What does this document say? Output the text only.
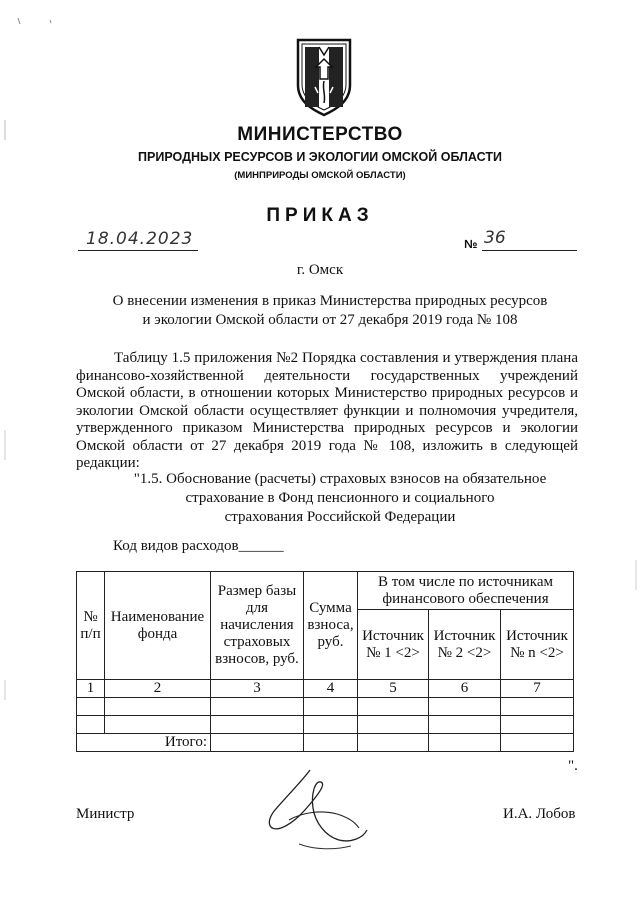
МИНИСТЕРСТВО
ПРИРОДНЫХ РЕСУРСОВ И ЭКОЛОГИИ ОМСКОЙ ОБЛАСТИ
(МИНПРИРОДЫ ОМСКОЙ ОБЛАСТИ)
ПРИКАЗ
18.04.2023	№ 36
г. Омск
О внесении изменения в приказ Министерства природных ресурсов
и экологии Омской области от 27 декабря 2019 года № 108
Таблицу 1.5 приложения №2 Порядка составления и утверждения плана финансово-хозяйственной деятельности государственных учреждений Омской области, в отношении которых Министерство природных ресурсов и экологии Омской области осуществляет функции и полномочия учредителя, утвержденного приказом Министерства природных ресурсов и экологии Омской области от 27 декабря 2019 года № 108, изложить в следующей редакции:
"1.5. Обоснование (расчеты) страховых взносов на обязательное
страхование в Фонд пенсионного и социального
страхования Российской Федерации
Код видов расходов______
№ п/п	Наименование фонда	Размер базы для начисления страховых взносов, руб.	Сумма взноса, руб.	В том числе по источникам финансового обеспечения		
				Источник № 1 <2>	Источник № 2 <2>	Источник № n <2>
1	2	3	4	5	6	7

Итого:						
".
Министр	И.А. Лобов
